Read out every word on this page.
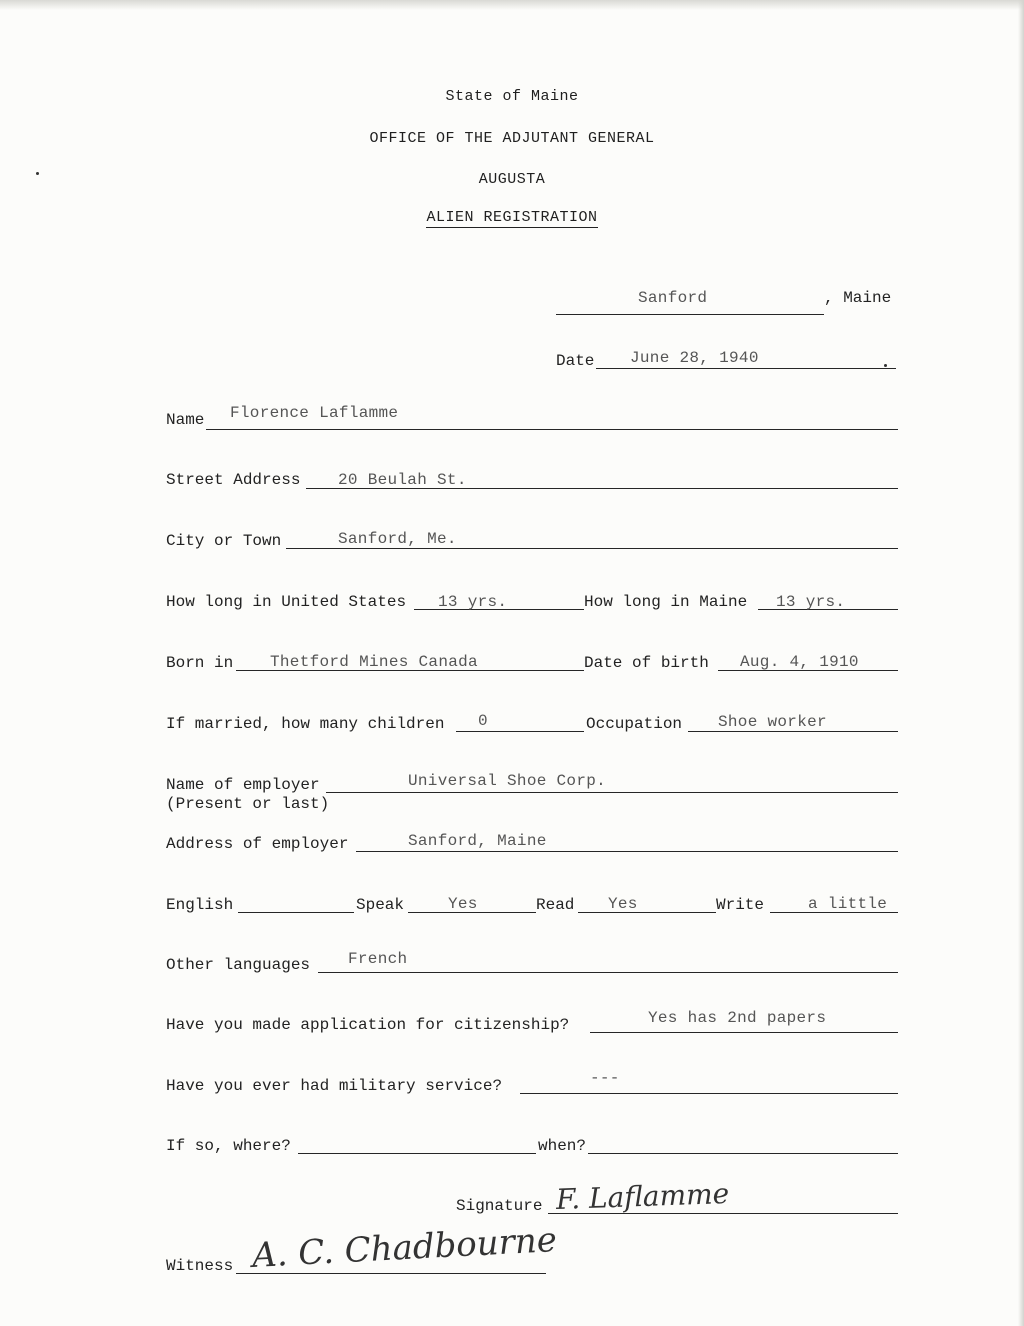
State of Maine
OFFICE OF THE ADJUTANT GENERAL
AUGUSTA
ALIEN REGISTRATION
Sanford	, Maine
Date June 28, 1940
Name Florence Laflamme
Street Address 20 Beulah St.
City or Town	Sanford, Me.
How long in United States 13 yrs.	How long in Maine 13 yrs.
Born in Thetford Mines Canada	Date of birth Aug. 4, 1910
If married, how many children 0	Occupation Shoe worker
Name of employer
(Present or last)
Universal Shoe Corp.
Address of employer	Sanford, Maine
English	Speak	Yes	Read Yes	Write	a little
Other languages French
Have you made application for citizenship?	Yes has 2nd papers
Have you ever had military service?	---
If so, where?	when?
Signature F. Laflamme
Witness A. C. Chadbourne
